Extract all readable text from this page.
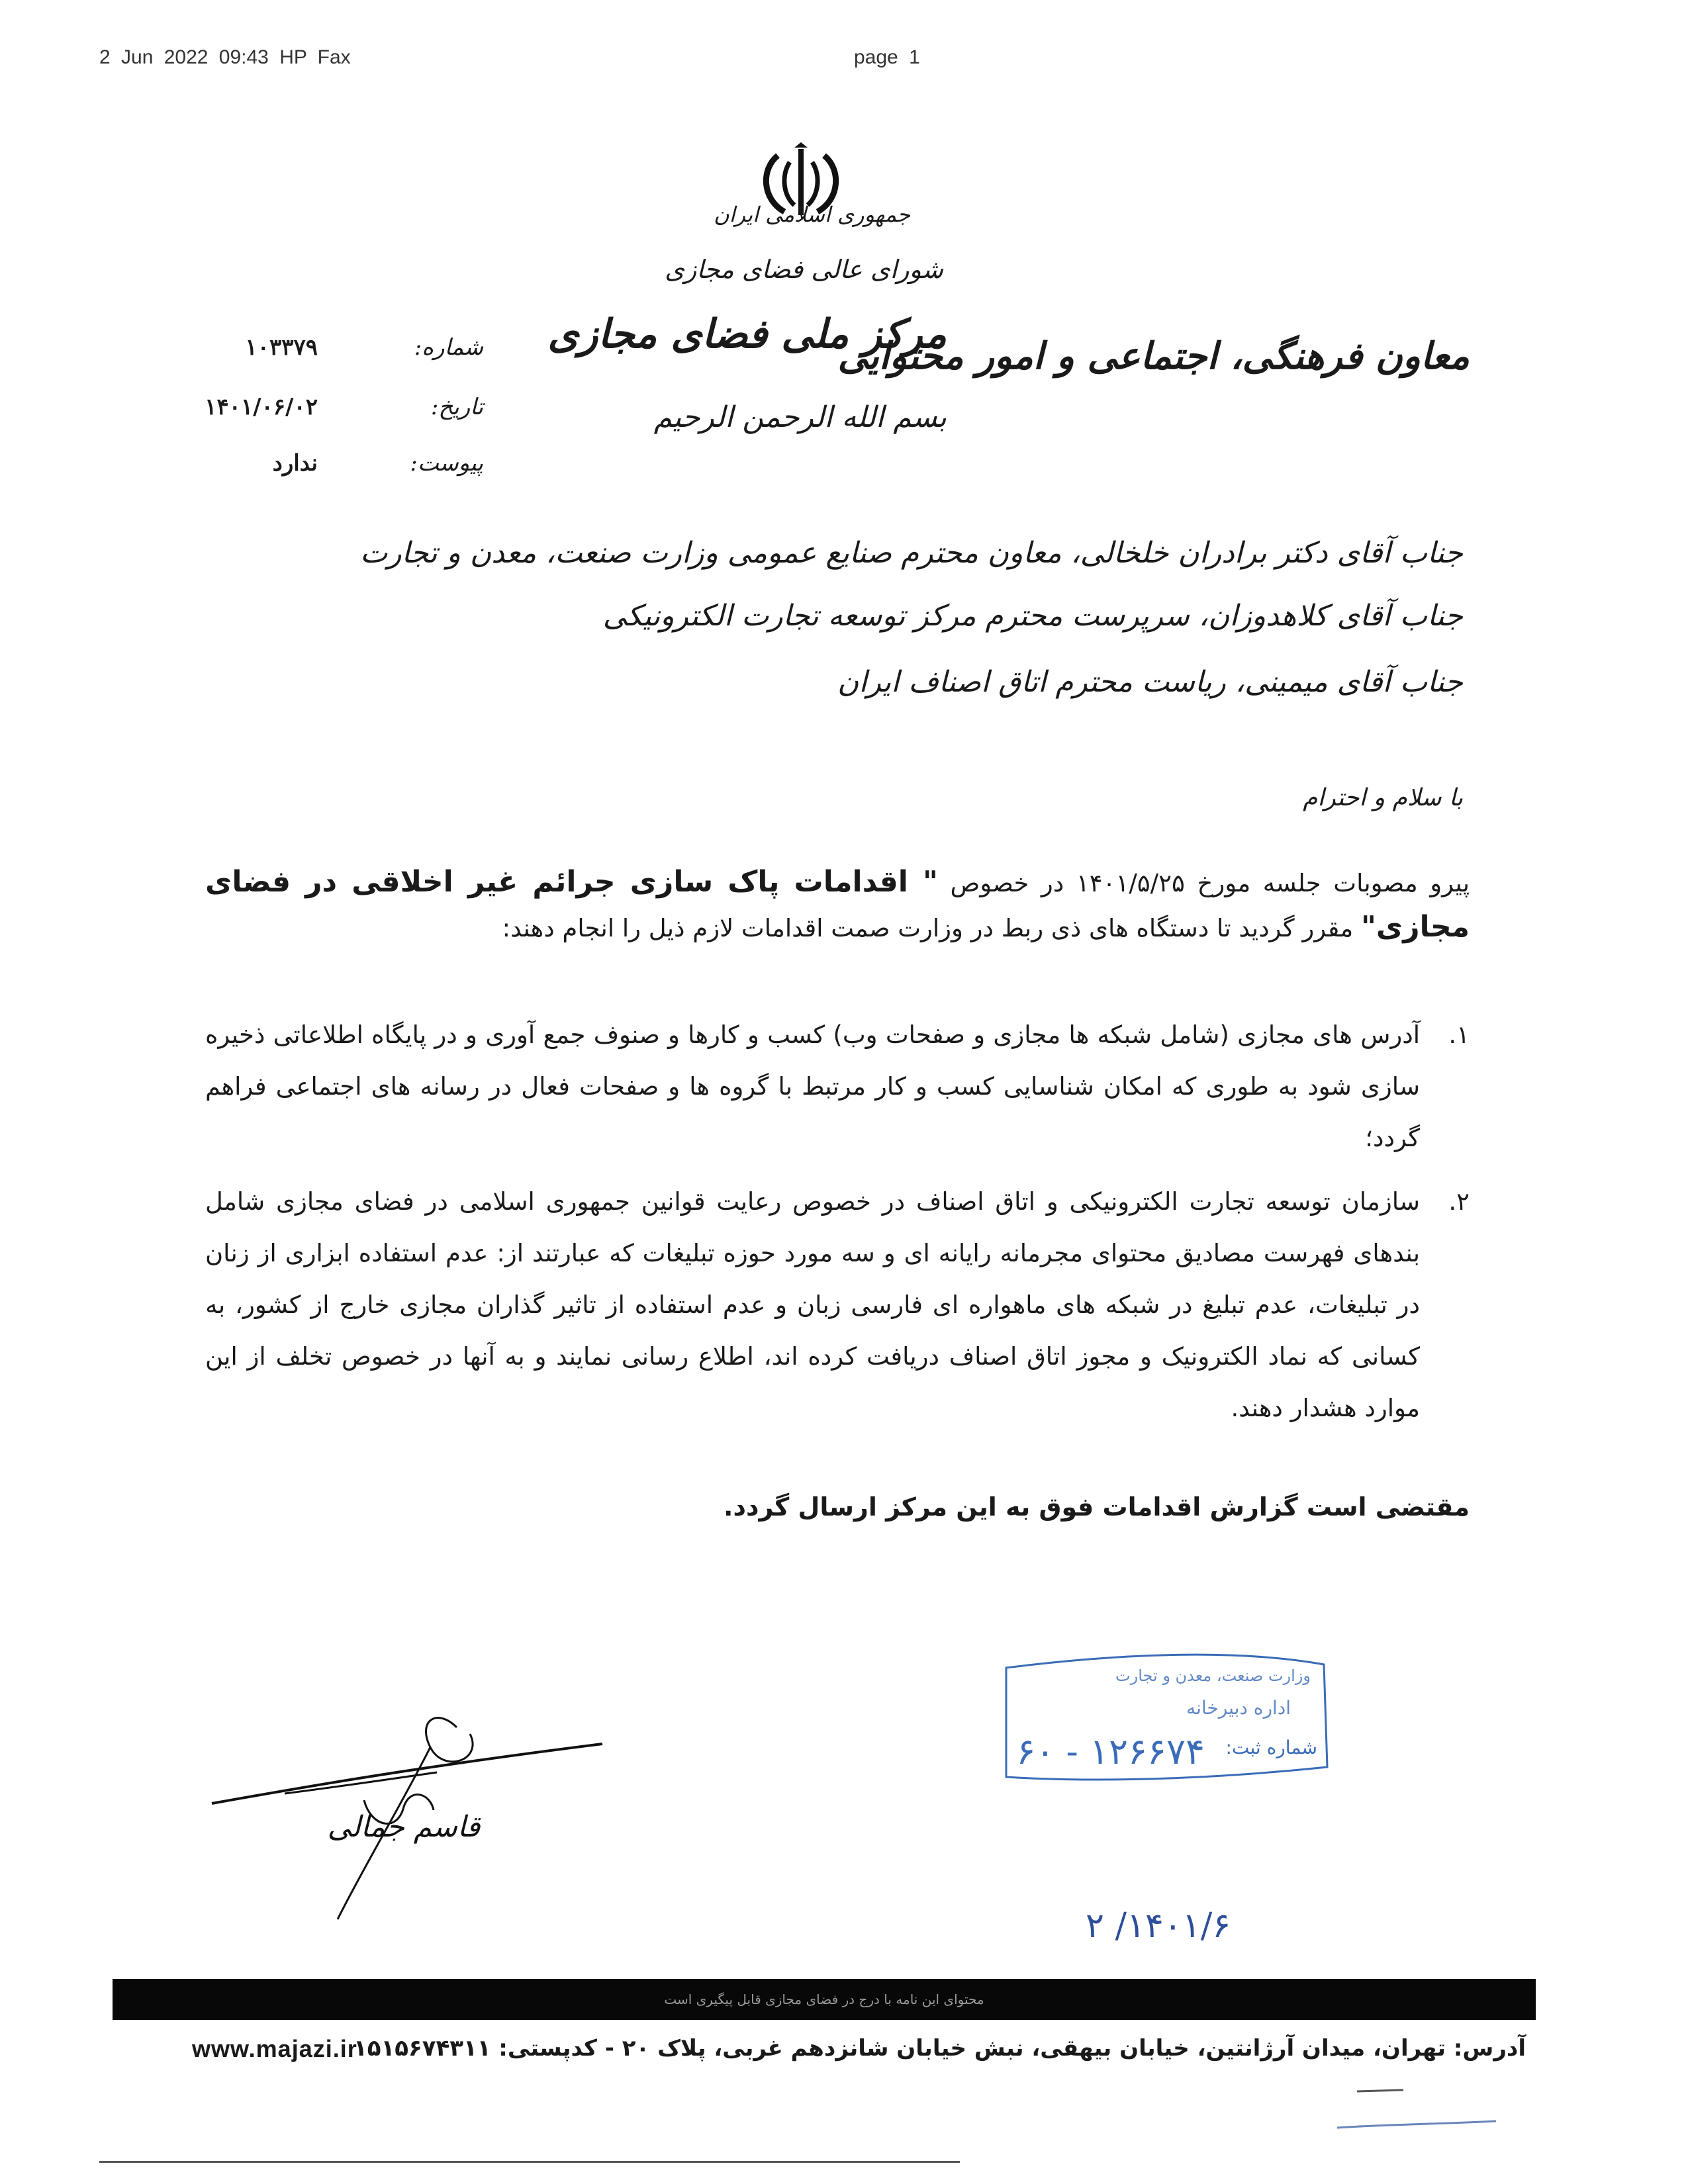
2 Jun 2022 09:43 HP Fax	page 1
جمهوری اسلامی ایران
شورای عالی فضای مجازی
مرکز ملی فضای مجازی
بسم الله الرحمن الرحیم
معاون فرهنگی، اجتماعی و امور محتوایی
شماره:
۱۰۳۳۷۹
تاریخ:
۱۴۰۱/۰۶/۰۲
پیوست:
ندارد
جناب آقای دکتر برادران خلخالی، معاون محترم صنایع عمومی وزارت صنعت، معدن و تجارت
جناب آقای کلاهدوزان، سرپرست محترم مرکز توسعه تجارت الکترونیکی
جناب آقای میمینی، ریاست محترم اتاق اصناف ایران
با سلام و احترام
پیرو مصوبات جلسه مورخ ۱۴۰۱/۵/۲۵ در خصوص " اقدامات پاک سازی جرائم غیر اخلاقی در فضای مجازی" مقرر گردید تا دستگاه های ذی ربط در وزارت صمت اقدامات لازم ذیل را انجام دهند:
۱.
آدرس های مجازی (شامل شبکه ها مجازی و صفحات وب) کسب و کارها و صنوف جمع آوری و در پایگاه اطلاعاتی ذخیره سازی شود به طوری که امکان شناسایی کسب و کار مرتبط با گروه ها و صفحات فعال در رسانه های اجتماعی فراهم گردد؛
۲.
سازمان توسعه تجارت الکترونیکی و اتاق اصناف در خصوص رعایت قوانین جمهوری اسلامی در فضای مجازی شامل بندهای فهرست مصادیق محتوای مجرمانه رایانه ای و سه مورد حوزه تبلیغات که عبارتند از: عدم استفاده ابزاری از زنان در تبلیغات، عدم تبلیغ در شبکه های ماهواره ای فارسی زبان و عدم استفاده از تاثیر گذاران مجازی خارج از کشور، به کسانی که نماد الکترونیک و مجوز اتاق اصناف دریافت کرده اند، اطلاع رسانی نمایند و به آنها در خصوص تخلف از این موارد هشدار دهند.
مقتضی است گزارش اقدامات فوق به این مرکز ارسال گردد.
قاسم جمالی
وزارت صنعت، معدن و تجارت
اداره دبیرخانه
شماره ثبت:
۱۲۶۶۷۴ - ۶۰
۱۴۰۱/۶/ ۲
محتوای این نامه با درج در فضای مجازی قابل پیگیری است
آدرس: تهران، میدان آرژانتین، خیابان بیهقی، نبش خیابان شانزدهم غربی، پلاک ۲۰ - کدپستی: ۱۵۱۵۶۷۴۳۱۱
www.majazi.ir
